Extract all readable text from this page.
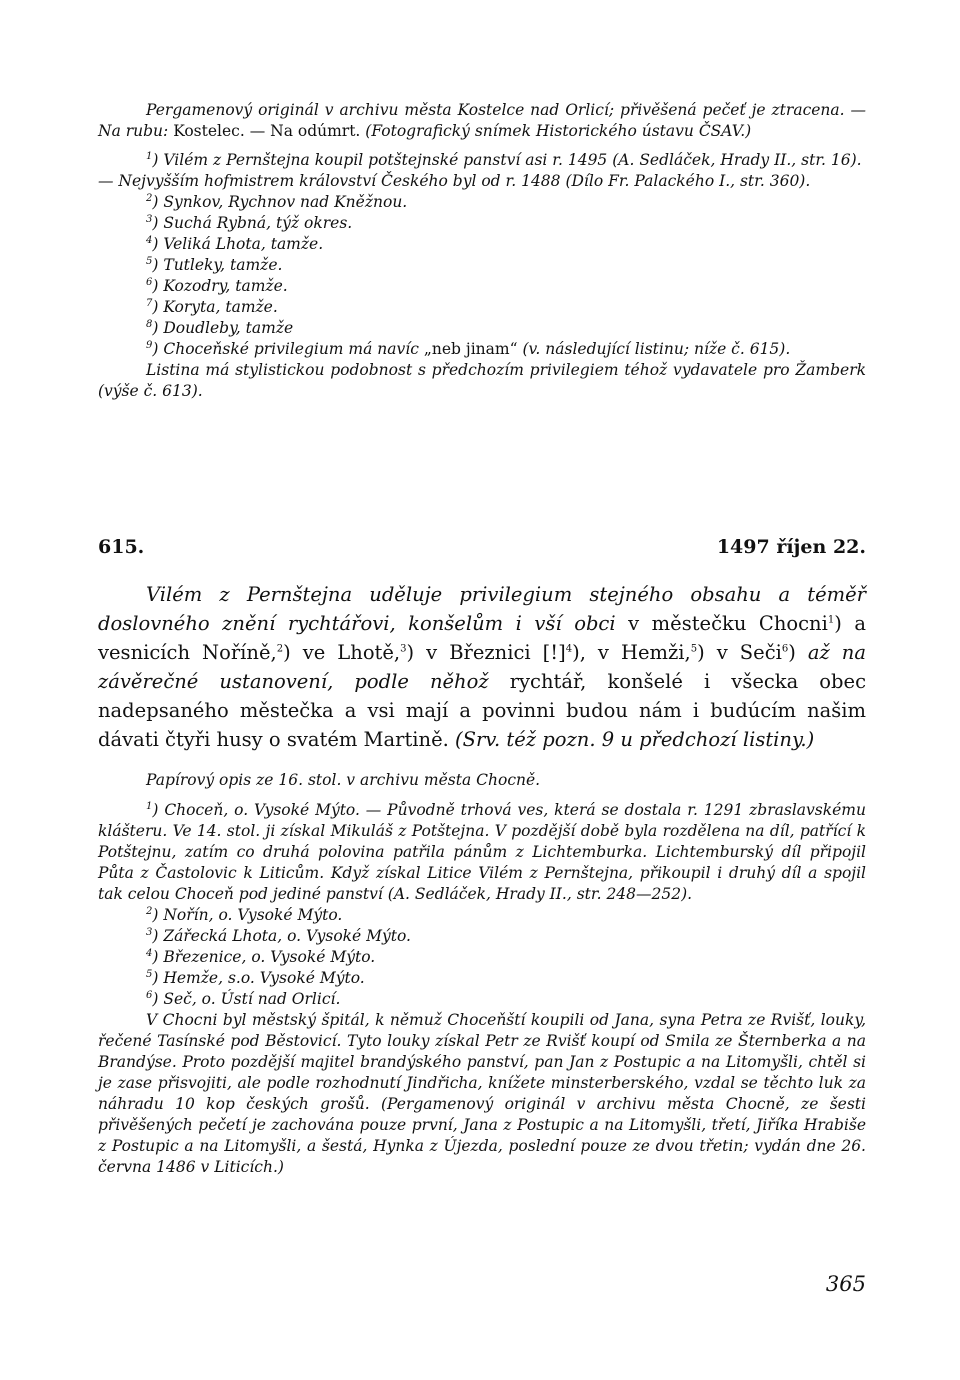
Pergamenový originál v archivu města Kostelce nad Orlicí; přivěšená pečeť je ztracena. — Na rubu: Kostelec. — Na odúmrt. (Fotografický snímek Historického ústavu ČSAV.)

$^1$) Vilém z Pernštejna koupil potštejnské panství asi r. 1495 (A. Sedláček, Hrady II., str. 16). — Nejvyšším hofmistrem království Českého byl od r. 1488 (Dílo Fr. Palackého I., str. 360).

$^2$) Synkov, Rychnov nad Kněžnou.

$^3$) Suchá Rybná, týž okres.

$^4$) Veliká Lhota, tamže.

$^5$) Tutleky, tamže.

$^6$) Kozodry, tamže.

$^7$) Koryta, tamže.

$^8$) Doudleby, tamže

$^9$) Choceňské privilegium má navíc „neb jinam“ (v. následující listinu; níže č. 615).

Listina má stylistickou podobnost s předchozím privilegiem téhož vydavatele pro Žamberk (výše č. 613).

615.	1497 říjen 22.
Vilém z Pernštejna uděluje privilegium stejného obsahu a téměř doslovného znění rychtářovi, konšelům i vší obci v městečku Chocni$^1$) a vesnicích Noříně,$^2$) ve Lhotě,$^3$) v Březnici [!]$^4$), v Hemži,$^5$) v Seči$^6$) až na závěrečné ustanovení, podle něhož rychtář, konšelé i všecka obec nadepsaného městečka a vsi mají a povinni budou nám i budúcím našim dávati čtyři husy o svatém Martině. (Srv. též pozn. 9 u předchozí listiny.)

Papírový opis ze 16. stol. v archivu města Chocně.

$^1$) Choceň, o. Vysoké Mýto. — Původně trhová ves, která se dostala r. 1291 zbraslavskému klášteru. Ve 14. stol. ji získal Mikuláš z Potštejna. V pozdější době byla rozdělena na díl, patřící k Potštejnu, zatím co druhá polovina patřila pánům z Lichtemburka. Lichtemburský díl připojil Půta z Častolovic k Liticům. Když získal Litice Vilém z Pernštejna, přikoupil i druhý díl a spojil tak celou Choceň pod jediné panství (A. Sedláček, Hrady II., str. 248—252).

$^2$) Nořín, o. Vysoké Mýto.

$^3$) Zářecká Lhota, o. Vysoké Mýto.

$^4$) Březenice, o. Vysoké Mýto.

$^5$) Hemže, s.o. Vysoké Mýto.

$^6$) Seč, o. Ústí nad Orlicí.

V Chocni byl městský špitál, k němuž Choceňští koupili od Jana, syna Petra ze Rvišť, louky, řečené Tasínské pod Běstovicí. Tyto louky získal Petr ze Rvišť koupí od Smila ze Šternberka a na Brandýse. Proto pozdější majitel brandýského panství, pan Jan z Postupic a na Litomyšli, chtěl si je zase přisvojiti, ale podle rozhodnutí Jindřicha, knížete minsterberského, vzdal se těchto luk za náhradu 10 kop českých grošů. (Pergamenový originál v archivu města Chocně, ze šesti přivěšených pečetí je zachována pouze první, Jana z Postupic a na Litomyšli, třetí, Jiříka Hrabiše z Postupic a na Litomyšli, a šestá, Hynka z Újezda, poslední pouze ze dvou třetin; vydán dne 26. června 1486 v Liticích.)

365
